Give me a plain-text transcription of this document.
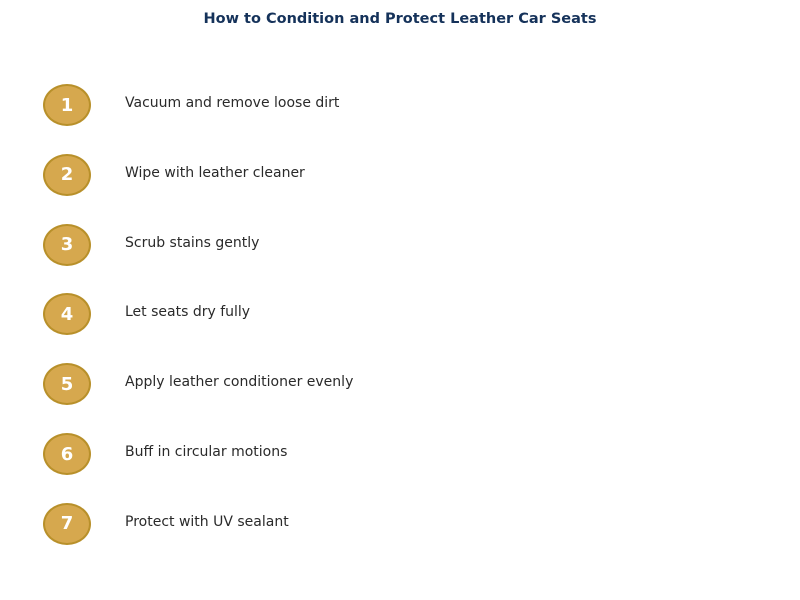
How to Condition and Protect Leather Car Seats
1	Vacuum and remove loose dirt
2	Wipe with leather cleaner
3	Scrub stains gently
4	Let seats dry fully
5	Apply leather conditioner evenly
6	Buff in circular motions
7	Protect with UV sealant
